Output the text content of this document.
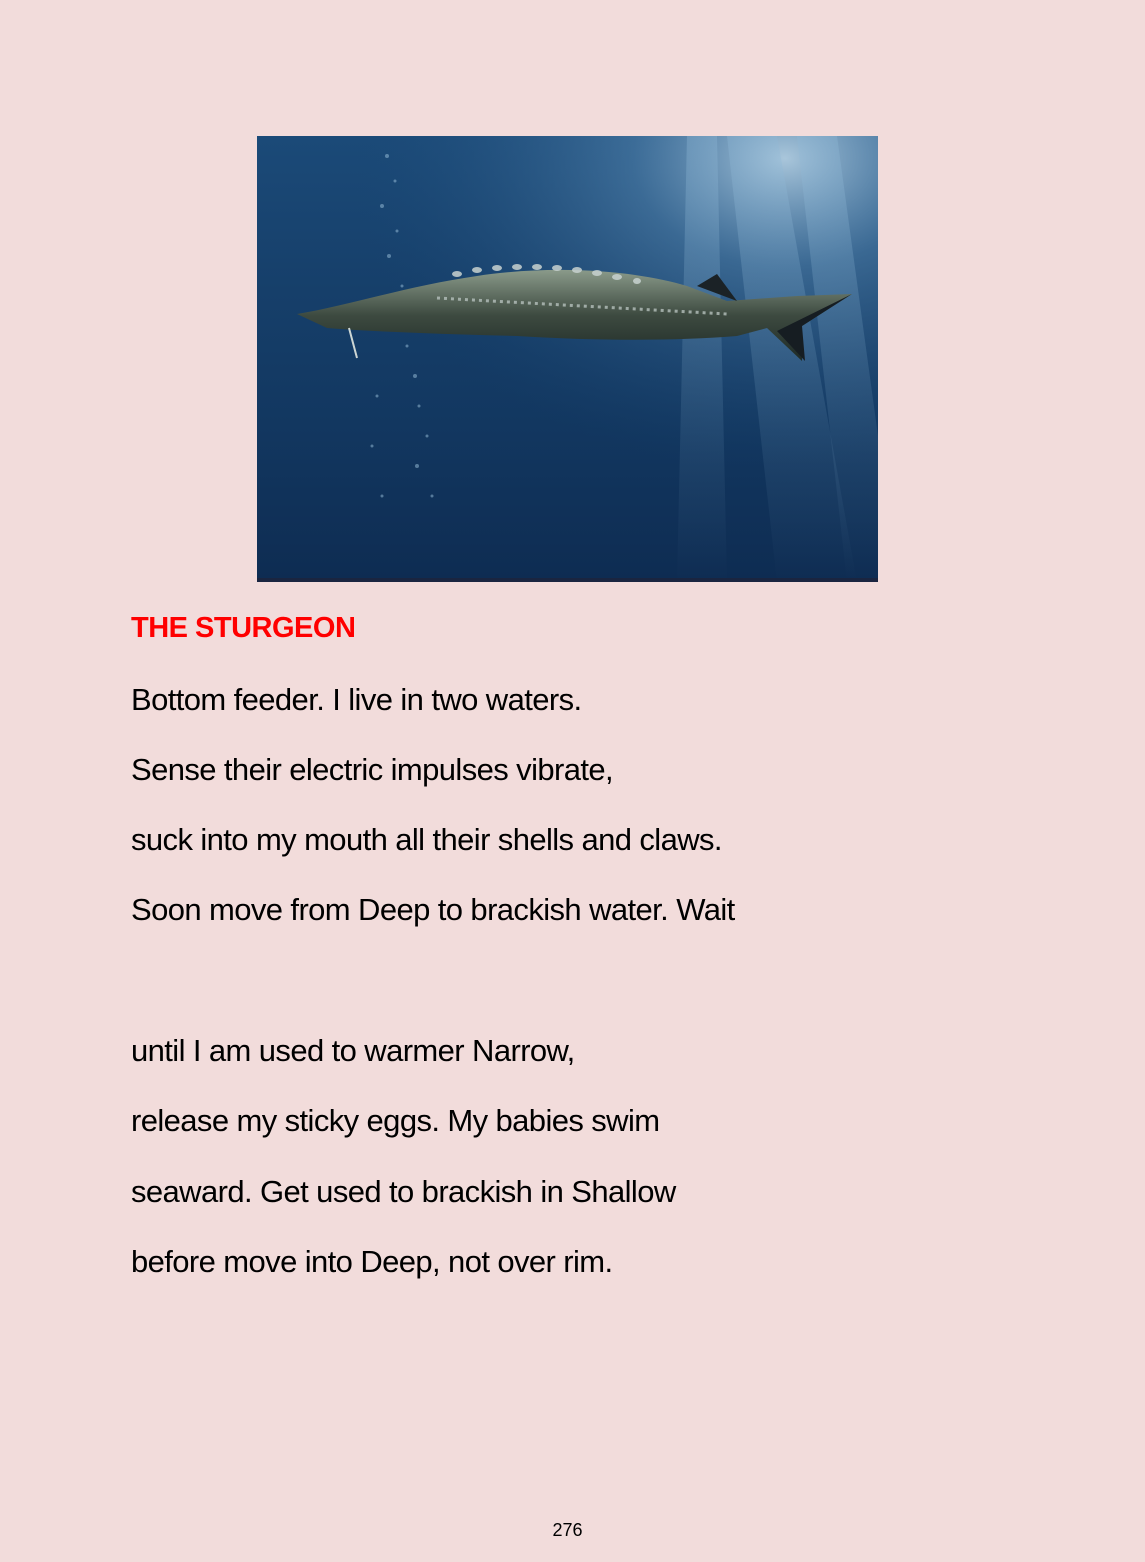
THE STURGEON
Bottom feeder. I live in two waters.
Sense their electric impulses vibrate,
suck into my mouth all their shells and claws.
Soon move from Deep to brackish water. Wait
until I am used to warmer Narrow,
release my sticky eggs. My babies swim
seaward. Get used to brackish in Shallow
before move into Deep, not over rim.
276
